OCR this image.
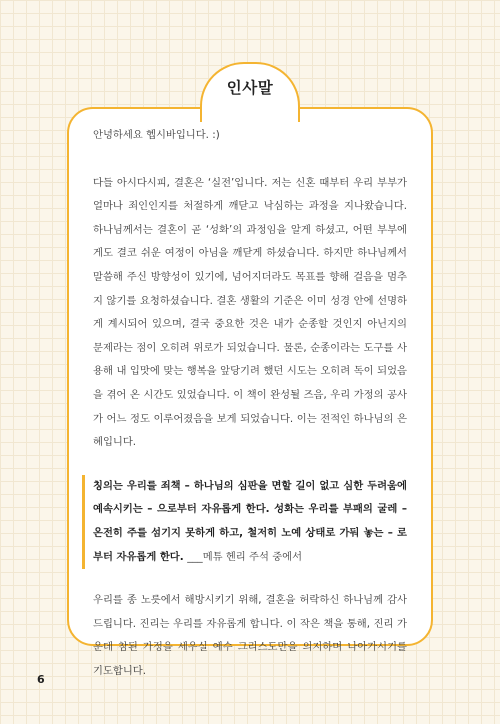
인사말

안녕하세요 헵시바입니다. :)

다들 아시다시피, 결혼은 ‘실전’입니다. 저는 신혼 때부터 우리 부부가 얼마나 죄인인지를 처절하게 깨닫고 낙심하는 과정을 지나왔습니다. 하나님께서는 결혼이 곧 ‘성화’의 과정임을 알게 하셨고, 어떤 부부에게도 결코 쉬운 여정이 아님을 깨닫게 하셨습니다. 하지만 하나님께서 말씀해 주신 방향성이 있기에, 넘어지더라도 목표를 향해 걸음을 멈추지 않기를 요청하셨습니다. 결혼 생활의 기준은 이미 성경 안에 선명하게 계시되어 있으며, 결국 중요한 것은 내가 순종할 것인지 아닌지의 문제라는 점이 오히려 위로가 되었습니다. 물론, 순종이라는 도구를 사용해 내 입맛에 맞는 행복을 앞당기려 했던 시도는 오히려 독이 되었음을 겪어 온 시간도 있었습니다. 이 책이 완성될 즈음, 우리 가정의 공사가 어느 정도 이루어졌음을 보게 되었습니다. 이는 전적인 하나님의 은혜입니다.

칭의는 우리를 죄책 – 하나님의 심판을 면할 길이 없고 심한 두려움에 예속시키는 – 으로부터 자유롭게 한다. 성화는 우리를 부패의 굴레 – 온전히 주를 섬기지 못하게 하고, 철저히 노예 상태로 가둬 놓는 – 로부터 자유롭게 한다. ___메튜 헨리 주석 중에서

우리를 종 노릇에서 해방시키기 위해, 결혼을 허락하신 하나님께 감사드립니다. 진리는 우리를 자유롭게 합니다. 이 작은 책을 통해, 진리 가운데 참된 가정을 세우실 예수 그리스도만을 의지하며 나아가시기를 기도합니다.

6
